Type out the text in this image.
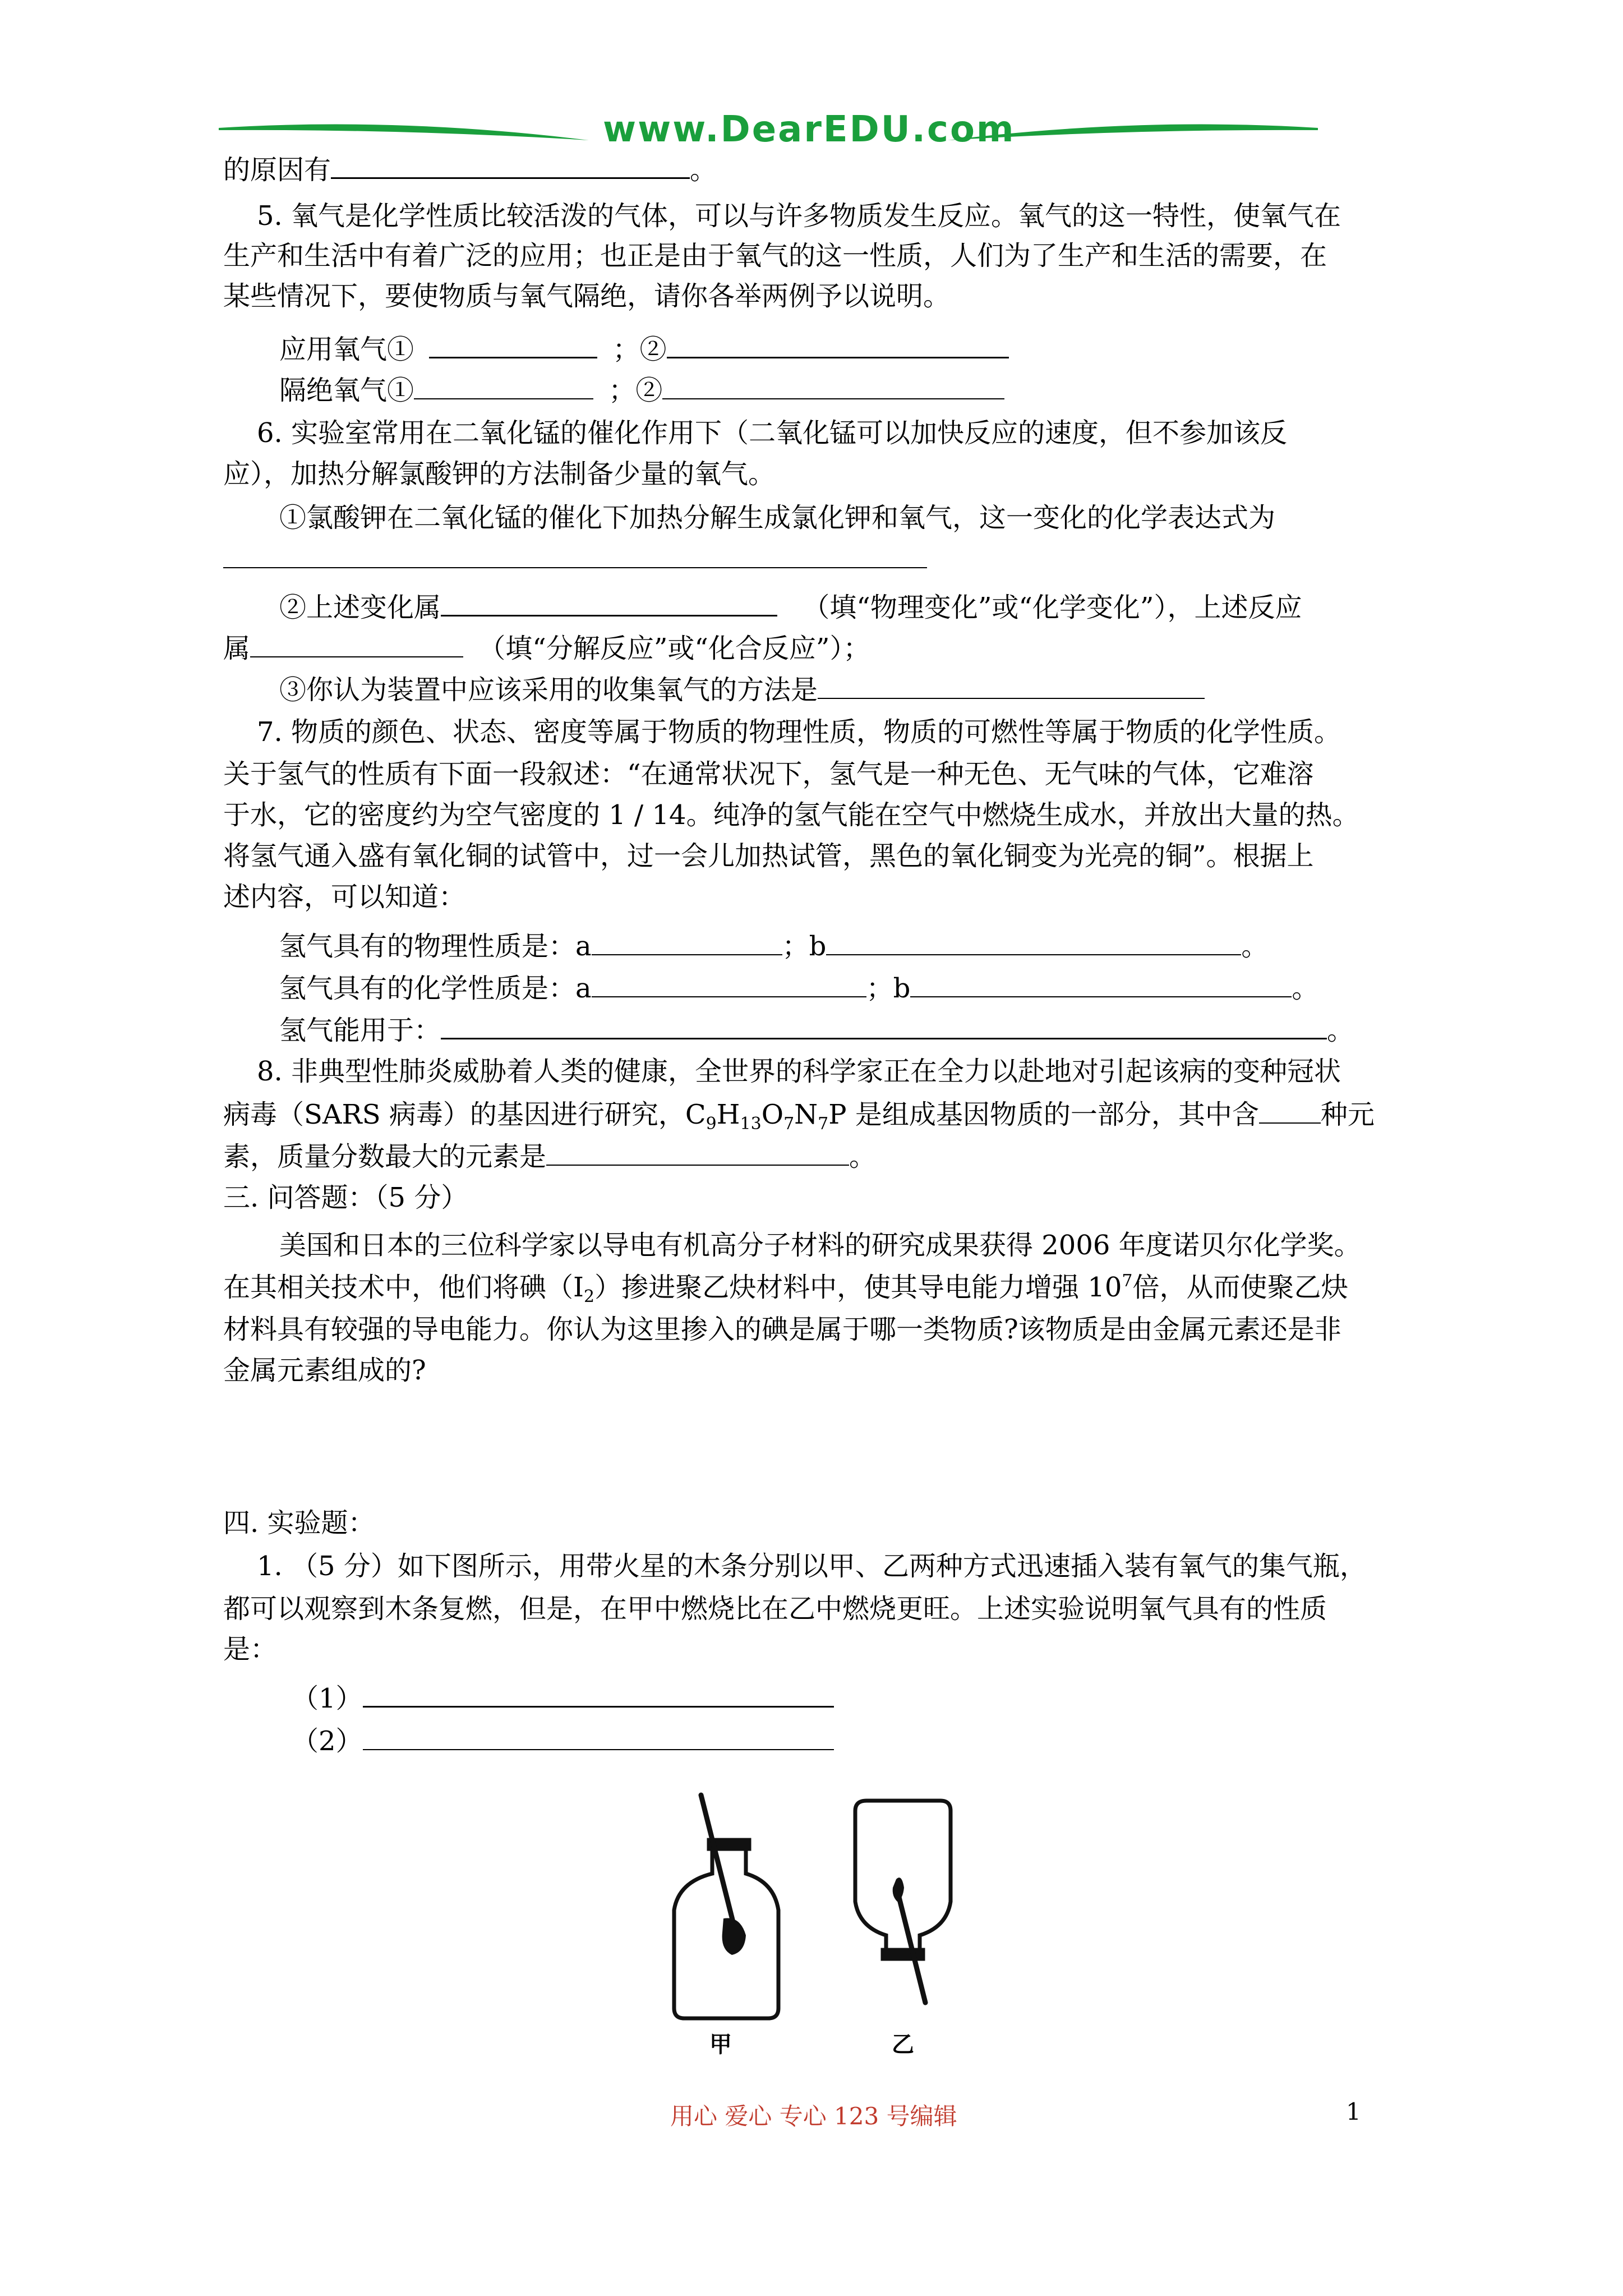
www.DearEDU.com
的原因有	。
5. 氧气是化学性质比较活泼的气体，可以与许多物质发生反应。氧气的这一特性，使氧气在
生产和生活中有着广泛的应用；也正是由于氧气的这一性质，人们为了生产和生活的需要，在
某些情况下，要使物质与氧气隔绝，请你各举两例予以说明。
应用氧气①	；②
隔绝氧气①	；②
6. 实验室常用在二氧化锰的催化作用下（二氧化锰可以加快反应的速度，但不参加该反
应），加热分解氯酸钾的方法制备少量的氧气。
①氯酸钾在二氧化锰的催化下加热分解生成氯化钾和氧气，这一变化的化学表达式为
②上述变化属	（填“物理变化”或“化学变化”），上述反应
属	（填“分解反应”或“化合反应”）；
③你认为装置中应该采用的收集氧气的方法是
7. 物质的颜色、状态、密度等属于物质的物理性质，物质的可燃性等属于物质的化学性质。
关于氢气的性质有下面一段叙述：“在通常状况下，氢气是一种无色、无气味的气体，它难溶
于水，它的密度约为空气密度的 1 / 14。纯净的氢气能在空气中燃烧生成水，并放出大量的热。
将氢气通入盛有氧化铜的试管中，过一会儿加热试管，黑色的氧化铜变为光亮的铜”。根据上
述内容，可以知道：
氢气具有的物理性质是：a	；b	。
氢气具有的化学性质是：a	；b	。
氢气能用于：	。
8. 非典型性肺炎威胁着人类的健康，全世界的科学家正在全力以赴地对引起该病的变种冠状
病毒（SARS 病毒）的基因进行研究，$C_9H_{13}O_7N_7P$ 是组成基因物质的一部分，其中含 种元
素，质量分数最大的元素是	。
三. 问答题：（5 分）
美国和日本的三位科学家以导电有机高分子材料的研究成果获得 2006 年度诺贝尔化学奖。
在其相关技术中，他们将碘$(I_2)$掺进聚乙炔材料中，使其导电能力增强 $10^7$倍，从而使聚乙炔
材料具有较强的导电能力。你认为这里掺入的碘是属于哪一类物质?该物质是由金属元素还是非
金属元素组成的?
四. 实验题：
1. （5 分）如下图所示，用带火星的木条分别以甲、乙两种方式迅速插入装有氧气的集气瓶，
都可以观察到木条复燃，但是，在甲中燃烧比在乙中燃烧更旺。上述实验说明氧气具有的性质
是：
（1）
（2）
甲	乙
用心 爱心 专心 123 号编辑	1
